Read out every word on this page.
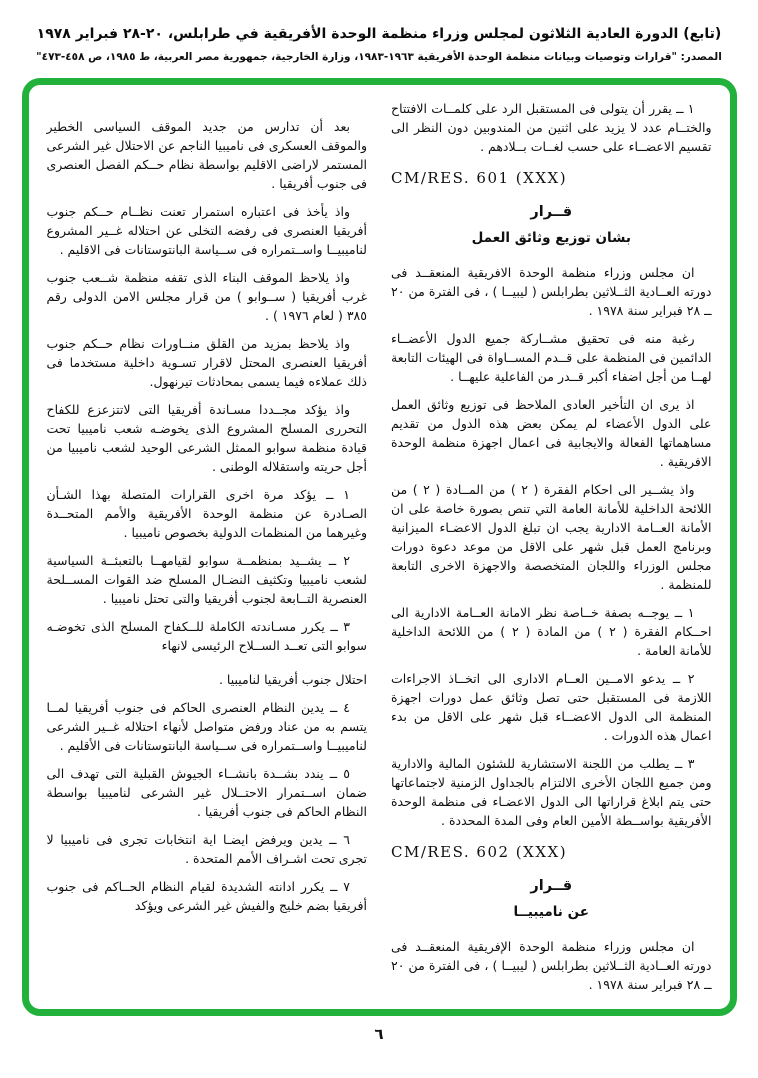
(تابع) الدورة العادية الثلاثون لمجلس وزراء منظمة الوحدة الأفريقية في طرابلس، ٢٠-٢٨ فبراير ١٩٧٨
المصدر: "قرارات وتوصيات وبيانات منظمة الوحدة الأفريقية ١٩٦٣-١٩٨٣، وزارة الخارجية، جمهورية مصر العربية، ط ١٩٨٥، ص ٤٥٨-٤٧٣"
١ ــ يقرر أن يتولى فى المستقبل الرد على كلمــات الافتتاح والختــام عدد لا يزيد على اثنين من المندوبين دون النظر الى تقسيم الاعضــاء على حسب لغــات بــلادهم .
CM/RES. 601 (XXX)
قــرار
بشان توزيع وثائق العمل
ان مجلس وزراء منظمة الوحدة الافريقية المنعقــد فى دورته العــادية الثــلاثين بطرابلس ( ليبيــا ) ، فى الفترة من ٢٠ ــ ٢٨ فبراير سنة ١٩٧٨ .
رغبة منه فى تحقيق مشــاركة جميع الدول الأعضــاء الدائمين فى المنظمة على قــدم المســاواة فى الهيئات التابعة لهــا من أجل اضفاء أكبر قــدر من الفاعلية عليهــا .
اذ يرى ان التأخير العادى الملاحظ فى توزيع وثائق العمل على الدول الأعضاء لم يمكن بعض هذه الدول من تقديم مساهماتها الفعالة والايجابية فى اعمال اجهزة منظمة الوحدة الافريقية .
واذ يشــير الى احكام الفقرة ( ٢ ) من المــادة ( ٢ ) من اللائحة الداخلية للأمانة العامة التي تنص بصورة خاصة على ان الأمانة العــامة الادارية يجب ان تبلغ الدول الاعضـاء الميزانية وبرنامج العمل قبل شهر على الاقل من موعد دعوة دورات مجلس الوزراء واللجان المتخصصة والاجهزة الاخرى التابعة للمنظمة .
١ ــ يوجــه بصفة خــاصة نظر الامانة العــامة الادارية الى احــكام الفقرة ( ٢ ) من المادة ( ٢ ) من اللائحة الداخلية للأمانة العامة .
٢ ــ يدعو الامــين العــام الادارى الى اتخــاذ الاجراءات اللازمة فى المستقبل حتى تصل وثائق عمل دورات اجهزة المنظمة الى الدول الاعضــاء قبل شهر على الاقل من بدء اعمال هذه الدورات .
٣ ــ يطلب من اللجنة الاستشارية للشئون المالية والادارية ومن جميع اللجان الأخرى الالتزام بالجداول الزمنية لاجتماعاتها حتى يتم ابلاغ قراراتها الى الدول الاعضـاء فى منظمة الوحدة الأفريقية بواســطة الأمين العام وفى المدة المحددة .
CM/RES. 602 (XXX)
قــرار
عن ناميبيــا
ان مجلس وزراء منظمة الوحدة الإفريقية المنعقــد فى دورته العــادية الثــلاثين بطرابلس ( ليبيــا ) ، فى الفترة من ٢٠ ــ ٢٨ فبراير سنة ١٩٧٨ .
بعد أن تدارس من جديد الموقف السياسى الخطير والموقف العسكرى فى ناميبيا الناجم عن الاحتلال غير الشرعى المستمر لاراضى الاقليم بواسطة نظام حــكم الفصل العنصرى فى جنوب أفريقيا .
واذ يأخذ فى اعتباره استمرار تعنت نظــام حــكم جنوب أفريقيا العنصرى فى رفضه التخلى عن احتلاله غــير المشروع لناميبيــا واســتمراره فى ســياسة البانتوستانات فى الاقليم .
واذ يلاحظ الموقف البناء الذى تقفه منظمة شــعب جنوب غرب أفريقيا ( ســوابو ) من قرار مجلس الامن الدولى رقم ٣٨٥ ( لعام ١٩٧٦ ) .
واذ يلاحظ بمزيد من القلق منــاورات نظام حــكم جنوب أفريقيا العنصرى المحتل لاقرار تسـوية داخلية مستخدما فى ذلك عملاءه فيما يسمى بمحادثات تيرنهول.
واذ يؤكد مجــددا مسـاندة أفريقيا التى لاتتزعزع للكفاح التحررى المسلح المشروع الذى يخوضـه شعب ناميبيا تحت قيادة منظمة سوابو الممثل الشرعى الوحيد لشعب ناميبيا من أجل حريته واستقلاله الوطنى .
١ ــ يؤكد مرة اخرى القرارات المتصلة بهذا الشـأن الصـادرة عن منظمة الوحدة الأفريقية والأمم المتحــدة وغيرهما من المنظمات الدولية بخصوص ناميبيا .
٢ ــ يشــيد بمنظمــة سوابو لقيامهــا بالتعبئــة السياسية لشعب ناميبيا وتكثيف النضـال المسلح ضد القوات المســلحة العنصرية التــابعة لجنوب أفريقيا والتى تحتل ناميبيا .
٣ ــ يكرر مسـاندته الكاملة للــكفاح المسلح الذى تخوضـه سوابو التى تعــد الســلاح الرئيسى لانهاء
احتلال جنوب أفريقيا لناميبيا .
٤ ــ يدين النظام العنصرى الحاكم فى جنوب أفريقيا لمــا يتسم به من عناد ورفض متواصل لأنهاء احتلاله غــير الشرعى لناميبيــا واســتمراره فى ســياسة البانتوستانات فى الأقليم .
٥ ــ يندد بشــدة بانشــاء الجيوش القبلية التى تهدف الى ضمان اســتمرار الاحتــلال غير الشرعى لناميبيا بواسطة النظام الحاكم فى جنوب أفريقيا .
٦ ــ يدين ويرفض ايضـا اية انتخابات تجرى فى ناميبيا لا تجرى تحت اشـراف الأمم المتحدة .
٧ ــ يكرر ادانته الشديدة لقيام النظام الحــاكم فى جنوب أفريقيا بضم خليج والفيش غير الشرعى ويؤكد
٦
